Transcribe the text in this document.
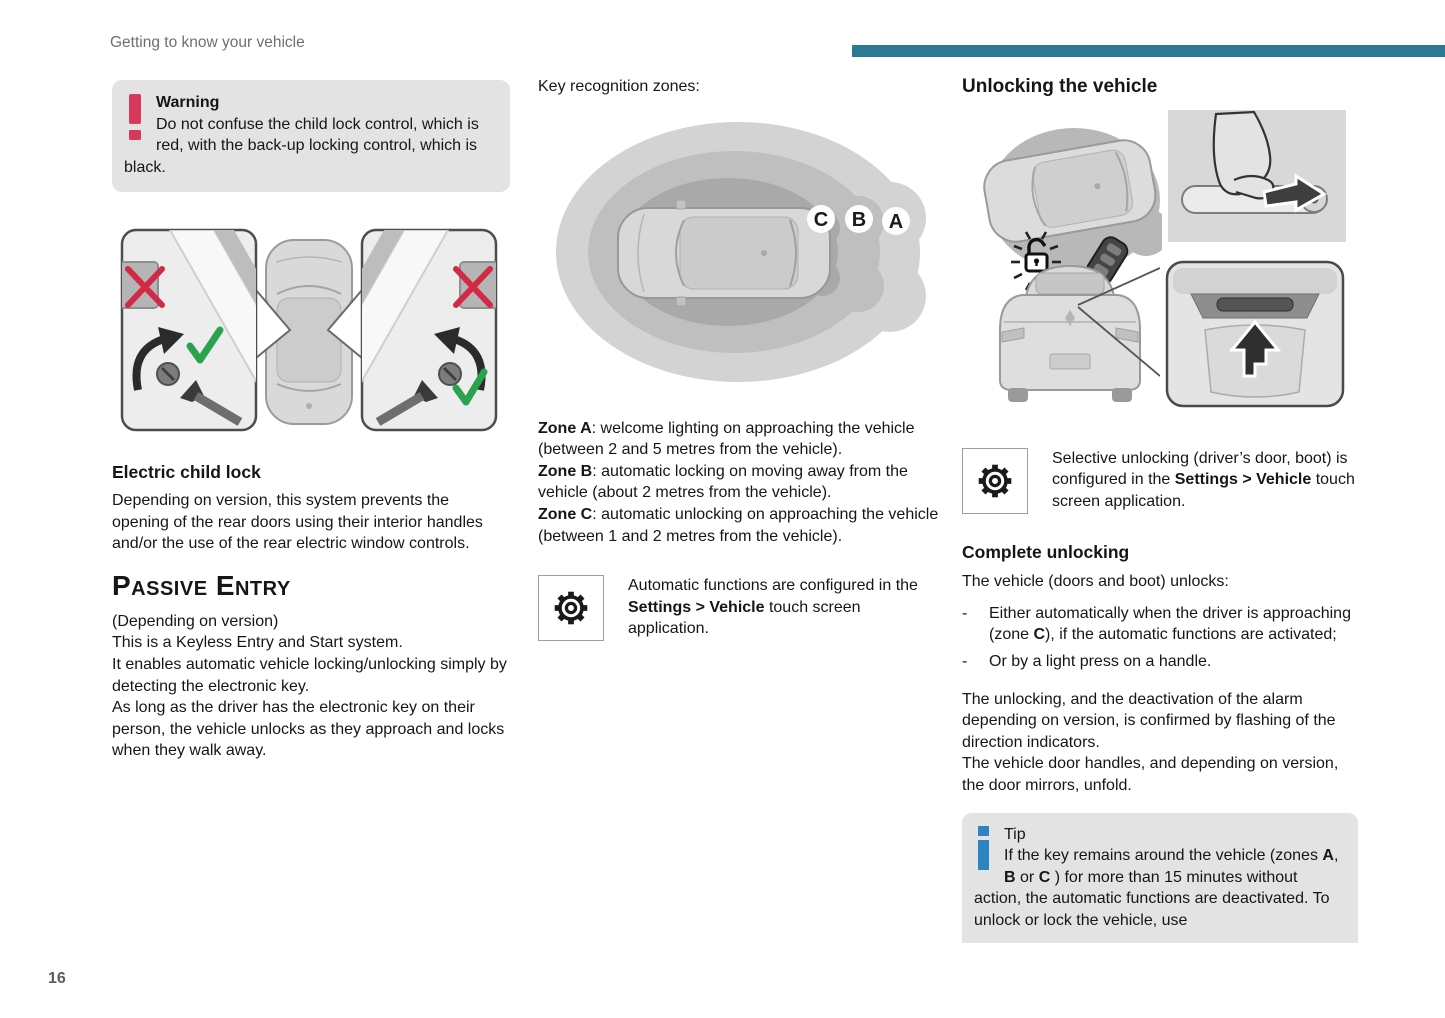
Getting to know your vehicle
Warning

Do not confuse the child lock control, which is red, with the back-up locking control, which is black.

Electric child lock

Depending on version, this system prevents the opening of the rear doors using their interior handles and/or the use of the rear electric window controls.

Passive Entry

(Depending on version)

This is a Keyless Entry and Start system.

It enables automatic vehicle locking/unlocking simply by detecting the electronic key.

As long as the driver has the electronic key on their person, the vehicle unlocks as they approach and locks when they walk away.

Key recognition zones:

C B A

Zone A: welcome lighting on approaching the vehicle (between 2 and 5 metres from the vehicle).

Zone B: automatic locking on moving away from the vehicle (about 2 metres from the vehicle).

Zone C: automatic unlocking on approaching the vehicle (between 1 and 2 metres from the vehicle).

Automatic functions are configured in the Settings > Vehicle touch screen application.
Unlocking the vehicle
Selective unlocking (driver’s door, boot) is configured in the Settings > Vehicle touch screen application.
Complete unlocking

The vehicle (doors and boot) unlocks:

-	Either automatically when the driver is approaching (zone C), if the automatic functions are activated;
-	Or by a light press on a handle.

The unlocking, and the deactivation of the alarm depending on version, is confirmed by flashing of the direction indicators.

The vehicle door handles, and depending on version, the door mirrors, unfold.

Tip

If the key remains around the vehicle (zones A, B or C ) for more than 15 minutes without action, the automatic functions are deactivated. To unlock or lock the vehicle, use

16
